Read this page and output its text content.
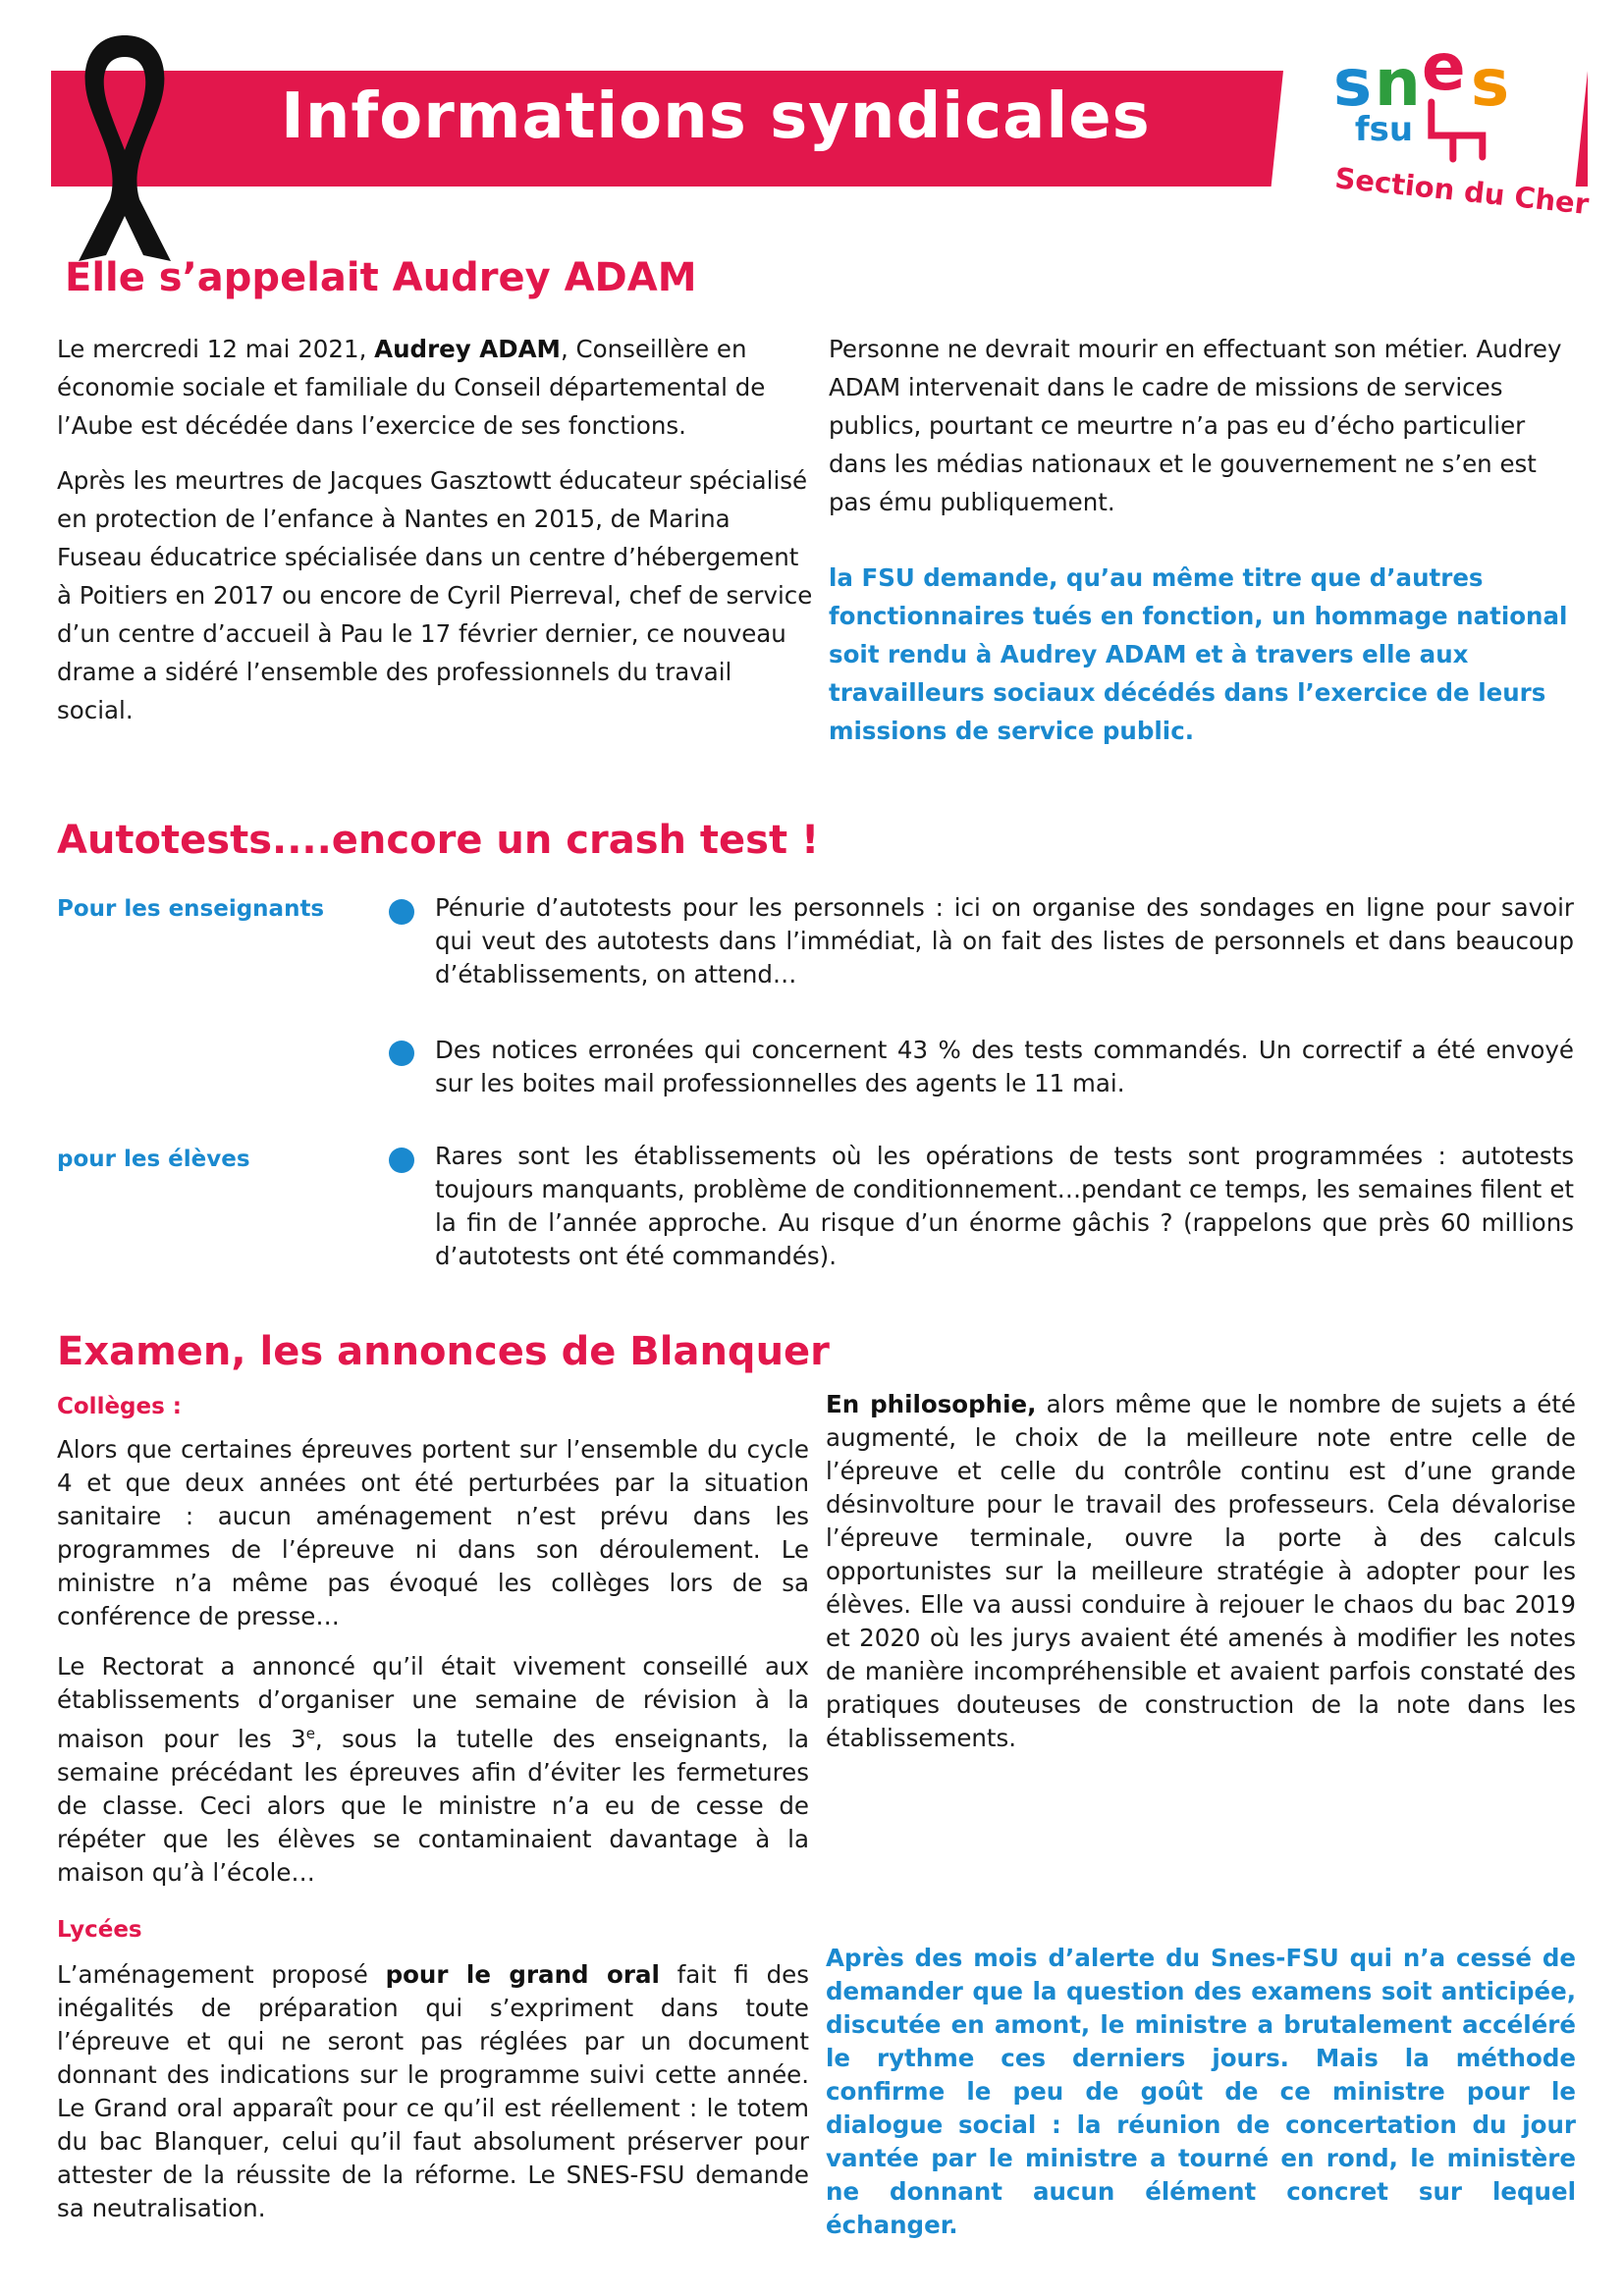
Informations syndicales	s n e s
fsu
Section du Cher
Elle s’appelait Audrey ADAM

Le mercredi 12 mai 2021, Audrey ADAM, Conseillère en économie sociale et familiale du Conseil départemental de l’Aube est décédée dans l’exercice de ses fonctions.

Après les meurtres de Jacques Gasztowtt éducateur spécialisé en protection de l’enfance à Nantes en 2015, de Marina Fuseau éducatrice spécialisée dans un centre d’hébergement à Poitiers en 2017 ou encore de Cyril Pierreval, chef de service d’un centre d’accueil à Pau le 17 février dernier, ce nouveau drame a sidéré l’ensemble des professionnels du travail social.

Personne ne devrait mourir en effectuant son métier. Audrey ADAM intervenait dans le cadre de missions de services publics, pourtant ce meurtre n’a pas eu d’écho particulier dans les médias nationaux et le gouvernement ne s’en est pas ému publiquement.

la FSU demande, qu’au même titre que d’autres fonctionnaires tués en fonction, un hommage national soit rendu à Audrey ADAM et à travers elle aux travailleurs sociaux décédés dans l’exercice de leurs missions de service public.

Autotests....encore un crash test !
Pour les enseignants
pour les élèves
Pénurie d’autotests pour les personnels : ici on organise des sondages en ligne pour savoir qui veut des autotests dans l’immédiat, là on fait des listes de personnels et dans beaucoup d’établissements, on attend…
Des notices erronées qui concernent 43 % des tests commandés. Un correctif a été envoyé sur les boites mail professionnelles des agents le 11 mai.
Rares sont les établissements où les opérations de tests sont programmées : autotests toujours manquants, problème de conditionnement…pendant ce temps, les semaines filent et la fin de l’année approche. Au risque d’un énorme gâchis ? (rappelons que près 60 millions d’autotests ont été commandés).
Examen, les annonces de Blanquer
Collèges :

Alors que certaines épreuves portent sur l’ensemble du cycle 4 et que deux années ont été perturbées par la situation sanitaire : aucun aménagement n’est prévu dans les programmes de l’épreuve ni dans son déroulement. Le ministre n’a même pas évoqué les collèges lors de sa conférence de presse…

Le Rectorat a annoncé qu’il était vivement conseillé aux établissements d’organiser une semaine de révision à la maison pour les 3e, sous la tutelle des enseignants, la semaine précédant les épreuves afin d’éviter les fermetures de classe. Ceci alors que le ministre n’a eu de cesse de répéter que les élèves se contaminaient davantage à la maison qu’à l’école…

Lycées

L’aménagement proposé pour le grand oral fait fi des inégalités de préparation qui s’expriment dans toute l’épreuve et qui ne seront pas réglées par un document donnant des indications sur le programme suivi cette année. Le Grand oral apparaît pour ce qu’il est réellement : le totem du bac Blanquer, celui qu’il faut absolument préserver pour attester de la réussite de la réforme. Le SNES-FSU demande sa neutralisation.

En philosophie, alors même que le nombre de sujets a été augmenté, le choix de la meilleure note entre celle de l’épreuve et celle du contrôle continu est d’une grande désinvolture pour le travail des professeurs. Cela dévalorise l’épreuve terminale, ouvre la porte à des calculs opportunistes sur la meilleure stratégie à adopter pour les élèves. Elle va aussi conduire à rejouer le chaos du bac 2019 et 2020 où les jurys avaient été amenés à modifier les notes de manière incompréhensible et avaient parfois constaté des pratiques douteuses de construction de la note dans les établissements.

Après des mois d’alerte du Snes-FSU qui n’a cessé de demander que la question des examens soit anticipée, discutée en amont, le ministre a brutalement accéléré le rythme ces derniers jours. Mais la méthode confirme le peu de goût de ce ministre pour le dialogue social : la réunion de concertation du jour vantée par le ministre a tourné en rond, le ministère ne donnant aucun élément concret sur lequel échanger.
